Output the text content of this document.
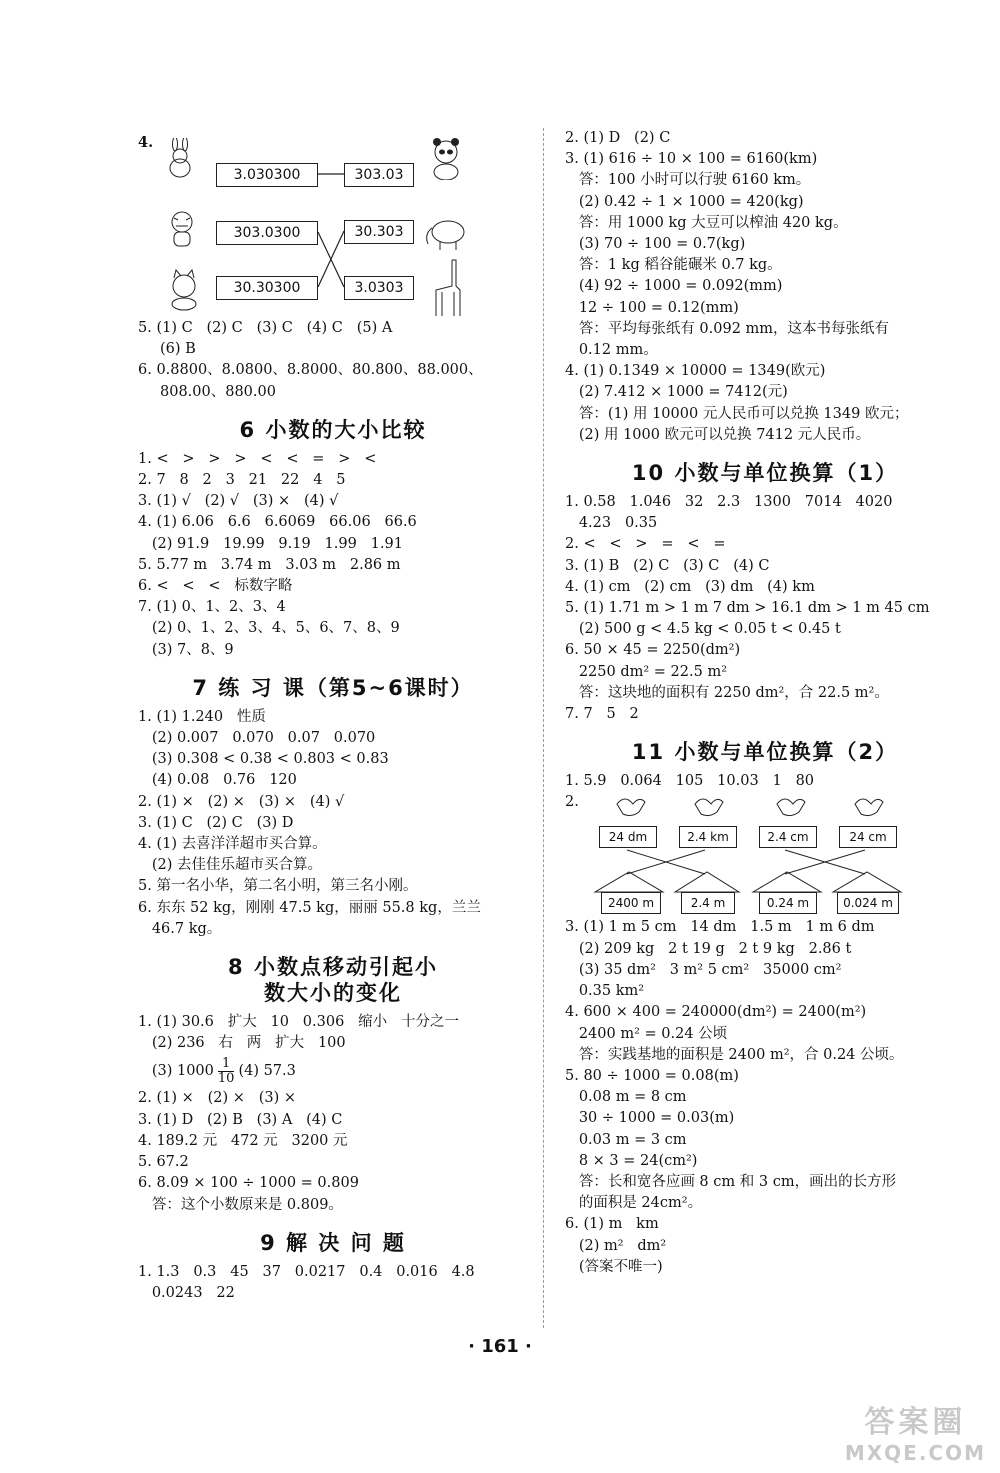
4.
3.030300
303.0300
30.30300
303.03
30.303
3.0303

5. (1) C   (2) C   (3) C   (4) C   (5) A

(6) B

6. 0.8800、8.0800、8.8000、80.800、88.000、

808.00、880.00

6 小数的大小比较

1. <   >   >   >   <   <   =   >   <

2. 7   8   2   3   21   22   4   5

3. (1) √   (2) √   (3) ×   (4) √

4. (1) 6.06   6.6   6.6069   66.06   66.6

(2) 91.9   19.99   9.19   1.99   1.91

5. 5.77 m   3.74 m   3.03 m   2.86 m

6. <   <   <   标数字略

7. (1) 0、1、2、3、4

(2) 0、1、2、3、4、5、6、7、8、9

(3) 7、8、9

7 练 习 课（第5~6课时）

1. (1) 1.240   性质

(2) 0.007   0.070   0.07   0.070

(3) 0.308 < 0.38 < 0.803 < 0.83

(4) 0.08   0.76   120

2. (1) ×   (2) ×   (3) ×   (4) √

3. (1) C   (2) C   (3) D

4. (1) 去喜洋洋超市买合算。

(2) 去佳佳乐超市买合算。

5. 第一名小华，第二名小明，第三名小刚。

6. 东东 52 kg，刚刚 47.5 kg，丽丽 55.8 kg，兰兰

46.7 kg。

8 小数点移动引起小
数大小的变化

1. (1) 30.6   扩大   10   0.306   缩小   十分之一

(2) 236   右   两   扩大   100

(3) $1000 \frac{1}{10} (4)$ 57.3

2. (1) ×   (2) ×   (3) ×

3. (1) D   (2) B   (3) A   (4) C

4. 189.2 元   472 元   3200 元

5. 67.2

6. 8.09 × 100 ÷ 1000 = 0.809

答：这个小数原来是 0.809。

9 解 决 问 题

1. 1.3   0.3   45   37   0.0217   0.4   0.016   4.8

0.0243   22

2. (1) D   (2) C

3. (1) 616 ÷ 10 × 100 = 6160(km)

答：100 小时可以行驶 6160 km。

(2) 0.42 ÷ 1 × 1000 = 420(kg)

答：用 1000 kg 大豆可以榨油 420 kg。

(3) 70 ÷ 100 = 0.7(kg)

答：1 kg 稻谷能碾米 0.7 kg。

(4) 92 ÷ 1000 = 0.092(mm)

12 ÷ 100 = 0.12(mm)

答：平均每张纸有 0.092 mm，这本书每张纸有

0.12 mm。

4. (1) 0.1349 × 10000 = 1349(欧元)

(2) 7.412 × 1000 = 7412(元)

答：(1) 用 10000 元人民币可以兑换 1349 欧元；

(2) 用 1000 欧元可以兑换 7412 元人民币。

10 小数与单位换算（1）

1. 0.58   1.046   32   2.3   1300   7014   4020

4.23   0.35

2. <   <   >   =   <   =

3. (1) B   (2) C   (3) C   (4) C

4. (1) cm   (2) cm   (3) dm   (4) km

5. (1) 1.71 m > 1 m 7 dm > 16.1 dm > 1 m 45 cm

(2) 500 g < 4.5 kg < 0.05 t < 0.45 t

6. 50 × 45 = 2250(dm²)

2250 dm² = 22.5 m²

答：这块地的面积有 2250 dm²，合 22.5 m²。

7. 7   5   2

11 小数与单位换算（2）

1. 5.9   0.064   105   10.03   1   80

2.
24 dm	2.4 km	2.4 cm	24 cm
2400 m	2.4 m	0.24 m	0.024 m

3. (1) 1 m 5 cm   14 dm   1.5 m   1 m 6 dm

(2) 209 kg   2 t 19 g   2 t 9 kg   2.86 t

(3) 35 dm²   3 m² 5 cm²   35000 cm²

0.35 km²

4. 600 × 400 = 240000(dm²) = 2400(m²)

2400 m² = 0.24 公顷

答：实践基地的面积是 2400 m²，合 0.24 公顷。

5. 80 ÷ 1000 = 0.08(m)

0.08 m = 8 cm

30 ÷ 1000 = 0.03(m)

0.03 m = 3 cm

8 × 3 = 24(cm²)

答：长和宽各应画 8 cm 和 3 cm，画出的长方形

的面积是 24cm²。

6. (1) m   km

(2) m²   dm²

(答案不唯一)

· 161 ·
答案圈
MXQE.COM
